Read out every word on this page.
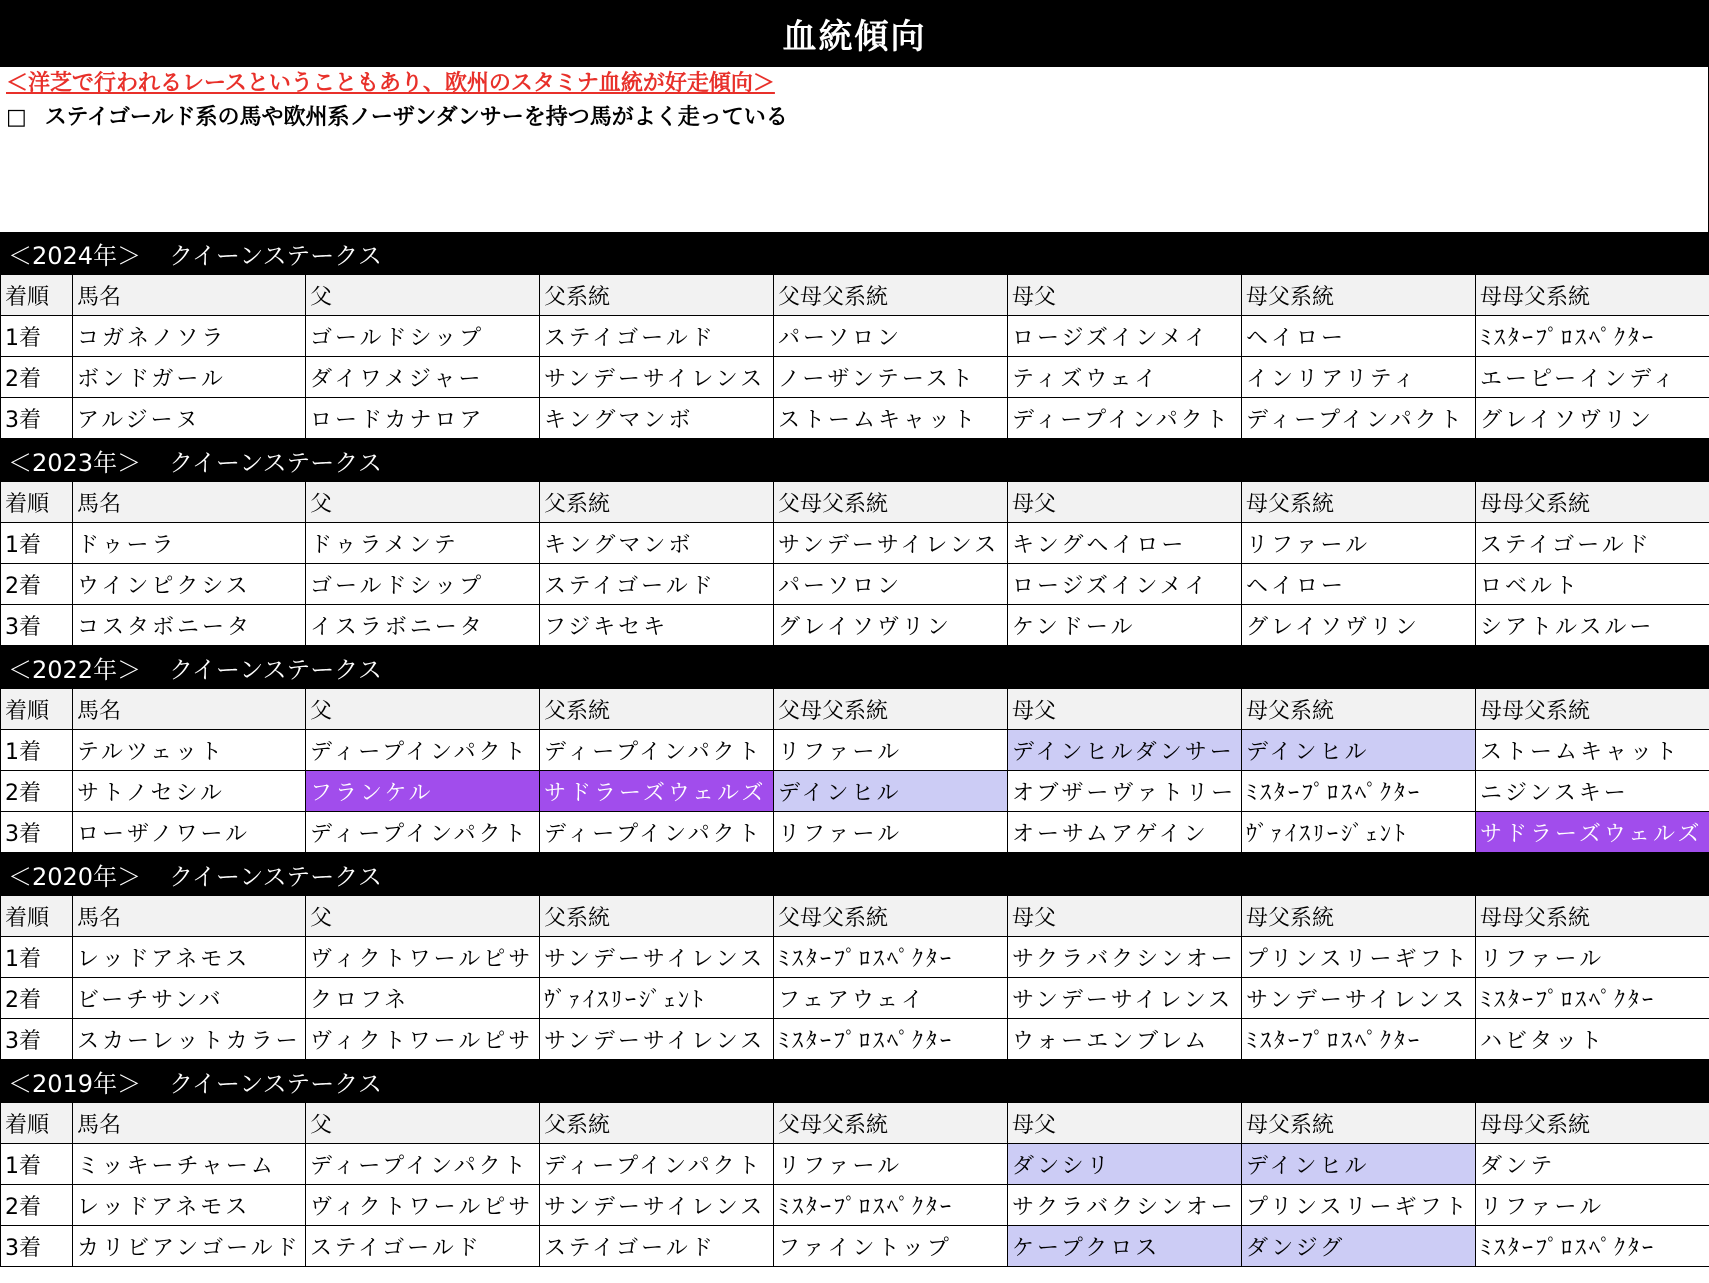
血統傾向
＜洋芝で行われるレースということもあり、欧州のスタミナ血統が好走傾向＞
□ ステイゴールド系の馬や欧州系ノーザンダンサーを持つ馬がよく走っている
＜2024年＞ クイーンステークス
着順	馬名	父	父系統	父母父系統	母父	母父系統	母母父系統
1着	コガネノソラ	ゴールドシップ	ステイゴールド	パーソロン	ロージズインメイ	ヘイロー	ﾐｽﾀｰﾌﾟﾛｽﾍﾟｸﾀｰ
2着	ボンドガール	ダイワメジャー	サンデーサイレンス	ノーザンテースト	ティズウェイ	インリアリティ	エーピーインディ
3着	アルジーヌ	ロードカナロア	キングマンボ	ストームキャット	ディープインパクト	ディープインパクト	グレイソヴリン
＜2023年＞ クイーンステークス
着順	馬名	父	父系統	父母父系統	母父	母父系統	母母父系統
1着	ドゥーラ	ドゥラメンテ	キングマンボ	サンデーサイレンス	キングヘイロー	リファール	ステイゴールド
2着	ウインピクシス	ゴールドシップ	ステイゴールド	パーソロン	ロージズインメイ	ヘイロー	ロベルト
3着	コスタボニータ	イスラボニータ	フジキセキ	グレイソヴリン	ケンドール	グレイソヴリン	シアトルスルー
＜2022年＞ クイーンステークス
着順	馬名	父	父系統	父母父系統	母父	母父系統	母母父系統
1着	テルツェット	ディープインパクト	ディープインパクト	リファール	デインヒルダンサー	デインヒル	ストームキャット
2着	サトノセシル	フランケル	サドラーズウェルズ	デインヒル	オブザーヴァトリー	ﾐｽﾀｰﾌﾟﾛｽﾍﾟｸﾀｰ	ニジンスキー
3着	ローザノワール	ディープインパクト	ディープインパクト	リファール	オーサムアゲイン	ｳﾞｧｲｽﾘｰｼﾞｪﾝﾄ	サドラーズウェルズ
＜2020年＞ クイーンステークス
着順	馬名	父	父系統	父母父系統	母父	母父系統	母母父系統
1着	レッドアネモス	ヴィクトワールピサ	サンデーサイレンス	ﾐｽﾀｰﾌﾟﾛｽﾍﾟｸﾀｰ	サクラバクシンオー	プリンスリーギフト	リファール
2着	ビーチサンバ	クロフネ	ｳﾞｧｲｽﾘｰｼﾞｪﾝﾄ	フェアウェイ	サンデーサイレンス	サンデーサイレンス	ﾐｽﾀｰﾌﾟﾛｽﾍﾟｸﾀｰ
3着	スカーレットカラー	ヴィクトワールピサ	サンデーサイレンス	ﾐｽﾀｰﾌﾟﾛｽﾍﾟｸﾀｰ	ウォーエンブレム	ﾐｽﾀｰﾌﾟﾛｽﾍﾟｸﾀｰ	ハビタット
＜2019年＞ クイーンステークス
着順	馬名	父	父系統	父母父系統	母父	母父系統	母母父系統
1着	ミッキーチャーム	ディープインパクト	ディープインパクト	リファール	ダンシリ	デインヒル	ダンテ
2着	レッドアネモス	ヴィクトワールピサ	サンデーサイレンス	ﾐｽﾀｰﾌﾟﾛｽﾍﾟｸﾀｰ	サクラバクシンオー	プリンスリーギフト	リファール
3着	カリビアンゴールド	ステイゴールド	ステイゴールド	ファイントップ	ケープクロス	ダンジグ	ﾐｽﾀｰﾌﾟﾛｽﾍﾟｸﾀｰ
